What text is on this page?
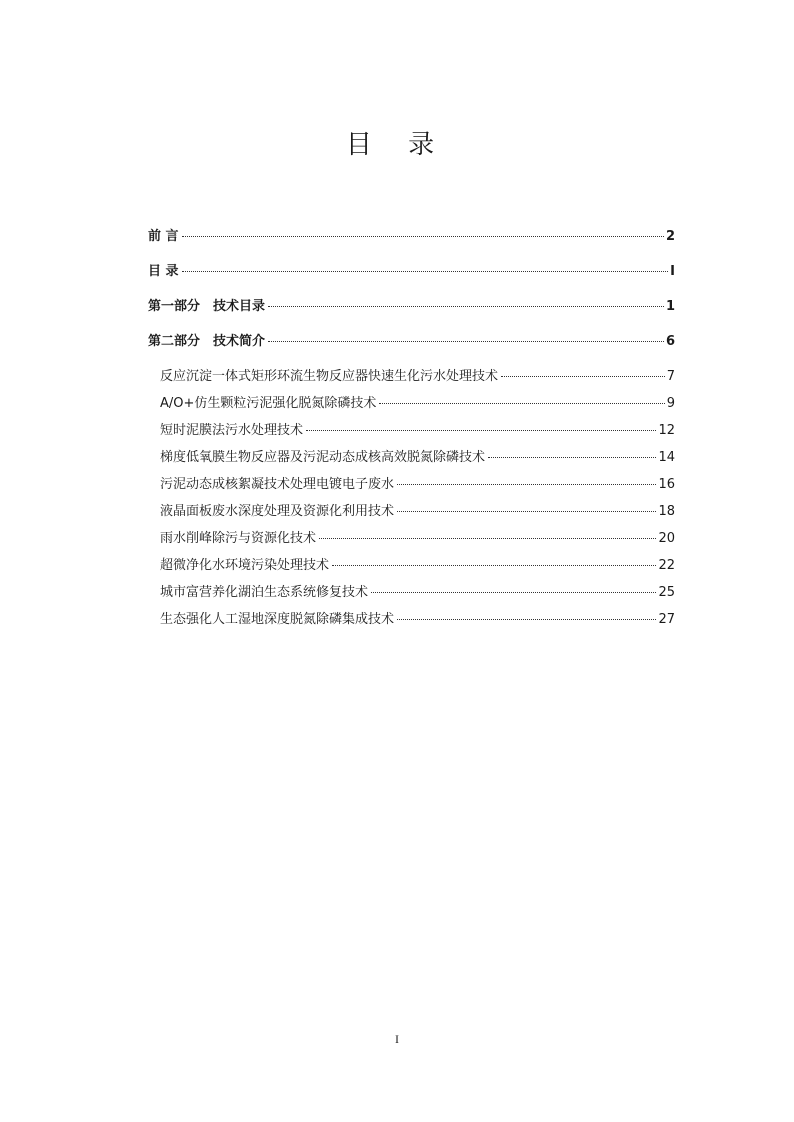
目 录
前 言	2
目 录	I
第一部分　技术目录	1
第二部分　技术简介	6
反应沉淀一体式矩形环流生物反应器快速生化污水处理技术	7
A/O+仿生颗粒污泥强化脱氮除磷技术	9
短时泥膜法污水处理技术	12
梯度低氧膜生物反应器及污泥动态成核高效脱氮除磷技术	14
污泥动态成核絮凝技术处理电镀电子废水	16
液晶面板废水深度处理及资源化利用技术	18
雨水削峰除污与资源化技术	20
超微净化水环境污染处理技术	22
城市富营养化湖泊生态系统修复技术	25
生态强化人工湿地深度脱氮除磷集成技术	27
I
